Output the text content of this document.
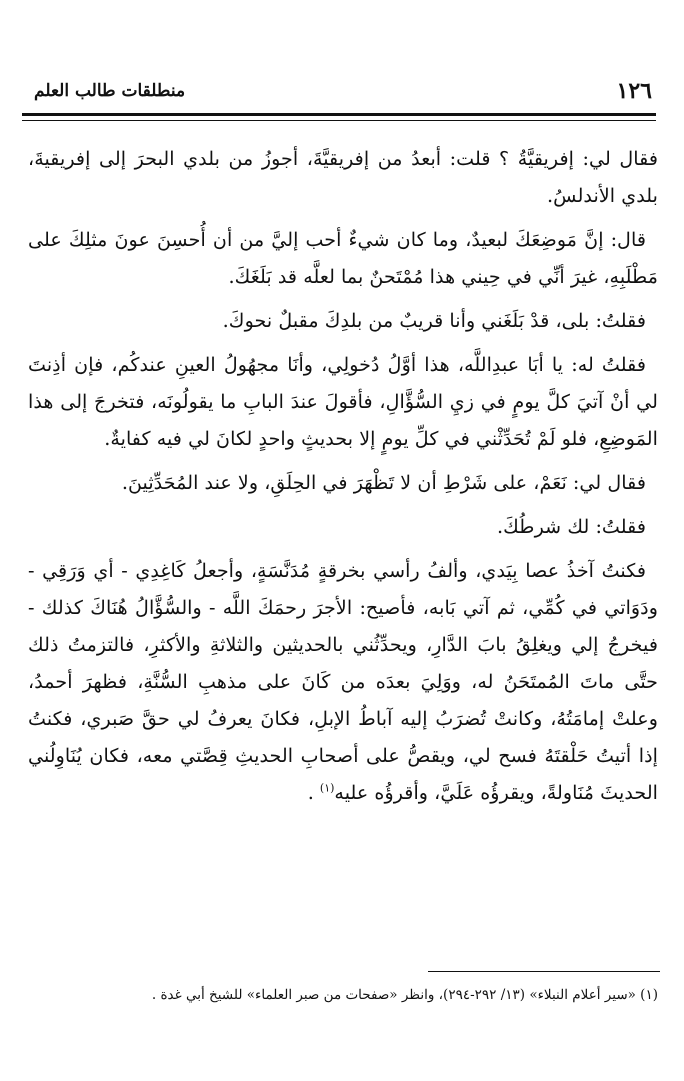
١٢٦
منطلقات طالب العلم

فقال لي: إفريقيَّةُ ؟ قلت: أبعدُ من إفريقيَّةَ، أجوزُ من بلدي البحرَ إلى إفريقيةَ، بلدي الأندلسُ.

قال: إنَّ مَوضِعَكَ لبعيدٌ، وما كان شيءٌ أحب إليَّ من أن أُحسِنَ عونَ مثلِكَ على مَطْلَبِهِ، غيرَ أنِّي في حِيني هذا مُمْتَحنٌ بما لعلَّه قد بَلَغَكَ.

فقلتُ: بلى، قدْ بَلَغَني وأنا قريبٌ من بلدِكَ مقبلٌ نحوكَ.

فقلتُ له: يا أبَا عبدِاللَّه، هذا أوَّلُ دُخولِي، وأنَا مجهُولُ العينِ عندكُم، فإن أذِنتَ لي أنْ آتيَ كلَّ يومٍ في زيِ السُّؤَّالِ، فأقولَ عندَ البابِ ما يقولُونَه، فتخرجَ إلى هذا المَوضِعِ، فلو لَمْ تُحَدِّثْني في كلِّ يومٍ إلا بحديثٍ واحدٍ لكانَ لي فيه كفايةٌ.

فقال لي: نَعَمْ، على شَرْطِ أن لا تَظْهَرَ في الحِلَقِ، ولا عند المُحَدِّثِينَ.

فقلتُ: لك شرطُكَ.

فكنتُ آخذُ عصا بِيَدي، وألفُ رأسي بخرقةٍ مُدَنَّسَةٍ، وأجعلُ كَاغِدِي - أي وَرَقِي - ودَوَاتي في كُمِّي، ثم آتي بَابه، فأصيح: الأجرَ رحمَكَ اللَّه - والسُّؤَّالُ هُنَاكَ كذلك - فيخرجُ إلي ويغلِقُ بابَ الدَّارِ، ويحدِّثُني بالحديثين والثلاثةِ والأكثرِ، فالتزمتُ ذلك حتَّى ماتَ المُمتَحَنُ له، ووَلِيَ بعدَه من كَانَ على مذهبِ السُّنَّةِ، فظهرَ أحمدُ، وعلتْ إمامَتُهُ، وكانتْ تُضرَبُ إليه آباطُ الإبلِ، فكانَ يعرفُ لي حقَّ صَبري، فكنتُ إذا أتيتُ حَلْقتَهُ فسح لي، ويقصُّ على أصحابِ الحديثِ قِصَّتي معه، فكان يُنَاوِلُني الحديثَ مُنَاولةً، ويقرؤُه عَلَيَّ، وأقرؤُه عليه$^{(١)}$ .

(١) «سير أعلام النبلاء» (١٣/ ٢٩٢-٢٩٤)، وانظر «صفحات من صبر العلماء» للشيخ أبي غدة .
